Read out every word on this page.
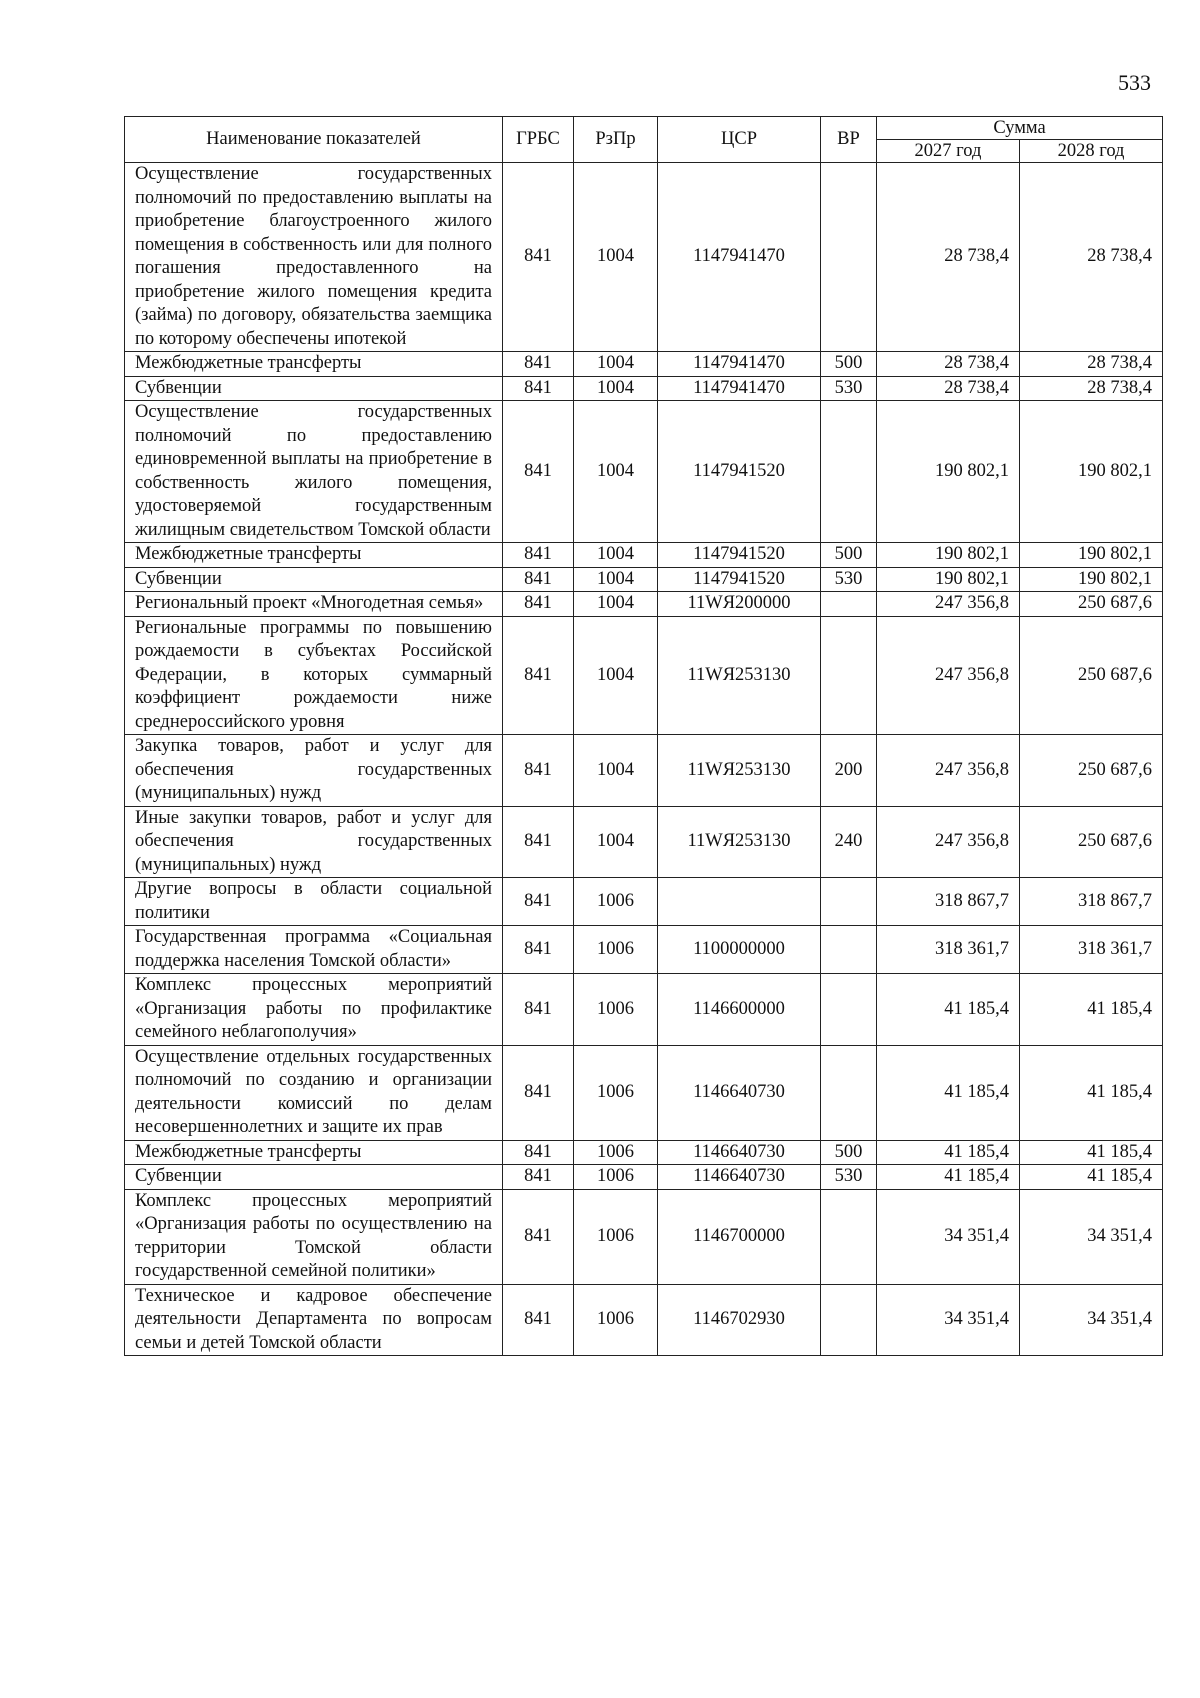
533
Наименование показателей	ГРБС	РзПр	ЦСР	ВР	Сумма	
					2027 год	2028 год
Осуществление государственных полномочий по предоставлению выплаты на приобретение благоустроенного жилого помещения в собственность или для полного погашения предоставленного на приобретение жилого помещения кредита (займа) по договору, обязательства заемщика по которому обеспечены ипотекой	841	1004	1147941470		28 738,4	28 738,4
Межбюджетные трансферты	841	1004	1147941470	500	28 738,4	28 738,4
Субвенции	841	1004	1147941470	530	28 738,4	28 738,4
Осуществление государственных полномочий по предоставлению единовременной выплаты на приобретение в собственность жилого помещения, удостоверяемой государственным жилищным свидетельством Томской области	841	1004	1147941520		190 802,1	190 802,1
Межбюджетные трансферты	841	1004	1147941520	500	190 802,1	190 802,1
Субвенции	841	1004	1147941520	530	190 802,1	190 802,1
Региональный проект «Многодетная семья»	841	1004	11WЯ200000		247 356,8	250 687,6
Региональные программы по повышению рождаемости в субъектах Российской Федерации, в которых суммарный коэффициент рождаемости ниже среднероссийского уровня	841	1004	11WЯ253130		247 356,8	250 687,6
Закупка товаров, работ и услуг для обеспечения государственных (муниципальных) нужд	841	1004	11WЯ253130	200	247 356,8	250 687,6
Иные закупки товаров, работ и услуг для обеспечения государственных (муниципальных) нужд	841	1004	11WЯ253130	240	247 356,8	250 687,6
Другие вопросы в области социальной политики	841	1006			318 867,7	318 867,7
Государственная программа «Социальная поддержка населения Томской области»	841	1006	1100000000		318 361,7	318 361,7
Комплекс процессных мероприятий «Организация работы по профилактике семейного неблагополучия»	841	1006	1146600000		41 185,4	41 185,4
Осуществление отдельных государственных полномочий по созданию и организации деятельности комиссий по делам несовершеннолетних и защите их прав	841	1006	1146640730		41 185,4	41 185,4
Межбюджетные трансферты	841	1006	1146640730	500	41 185,4	41 185,4
Субвенции	841	1006	1146640730	530	41 185,4	41 185,4
Комплекс процессных мероприятий «Организация работы по осуществлению на территории Томской области государственной семейной политики»	841	1006	1146700000		34 351,4	34 351,4
Техническое и кадровое обеспечение деятельности Департамента по вопросам семьи и детей Томской области	841	1006	1146702930		34 351,4	34 351,4
